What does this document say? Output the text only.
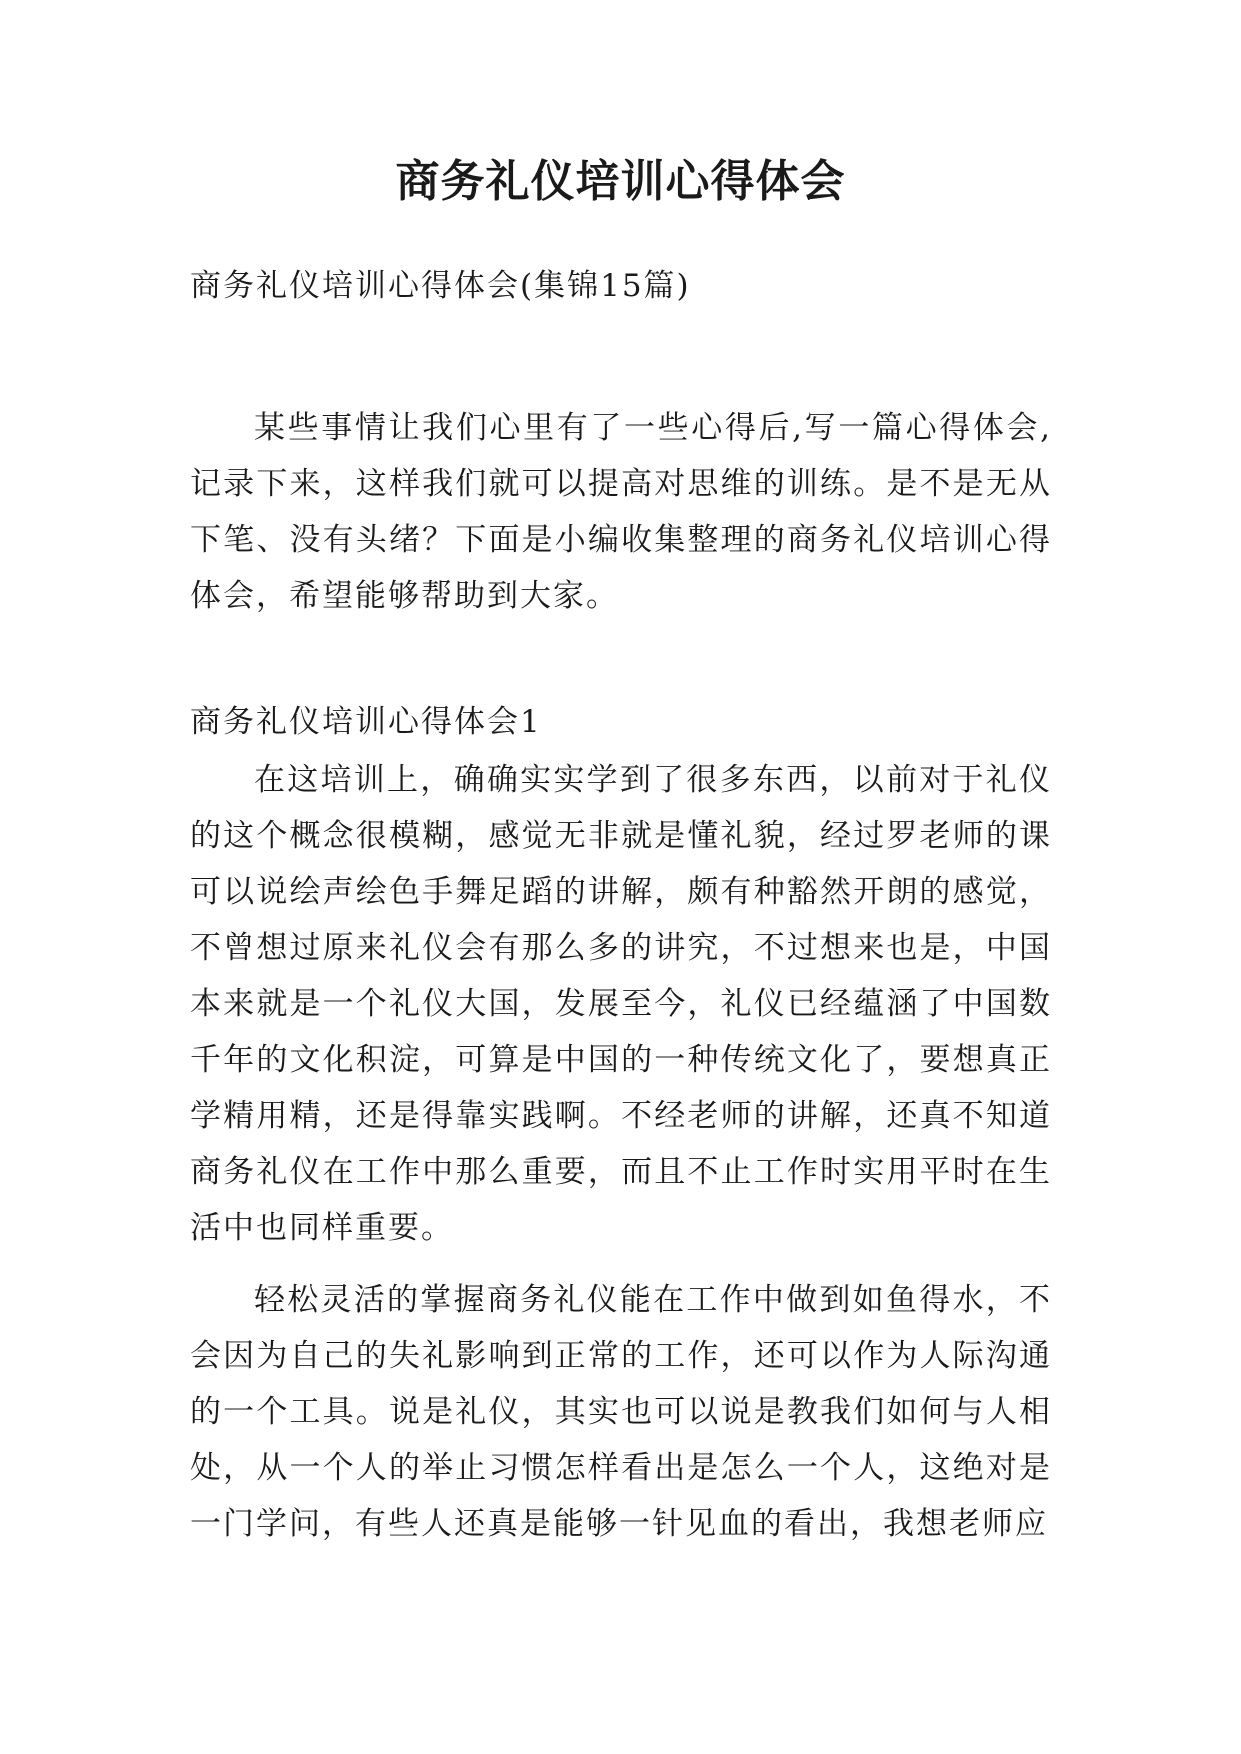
商务礼仪培训心得体会

商务礼仪培训心得体会(集锦15篇)

某些事情让我们心里有了一些心得后,写一篇心得体会,记录下来，这样我们就可以提高对思维的训练。是不是无从下笔、没有头绪？下面是小编收集整理的商务礼仪培训心得体会，希望能够帮助到大家。

商务礼仪培训心得体会1

在这培训上，确确实实学到了很多东西，以前对于礼仪的这个概念很模糊，感觉无非就是懂礼貌，经过罗老师的课可以说绘声绘色手舞足蹈的讲解，颇有种豁然开朗的感觉，不曾想过原来礼仪会有那么多的讲究，不过想来也是，中国本来就是一个礼仪大国，发展至今，礼仪已经蕴涵了中国数千年的文化积淀，可算是中国的一种传统文化了，要想真正学精用精，还是得靠实践啊。不经老师的讲解，还真不知道商务礼仪在工作中那么重要，而且不止工作时实用平时在生活中也同样重要。

轻松灵活的掌握商务礼仪能在工作中做到如鱼得水，不会因为自己的失礼影响到正常的工作，还可以作为人际沟通的一个工具。说是礼仪，其实也可以说是教我们如何与人相处，从一个人的举止习惯怎样看出是怎么一个人，这绝对是一门学问，有些人还真是能够一针见血的看出，我想老师应
